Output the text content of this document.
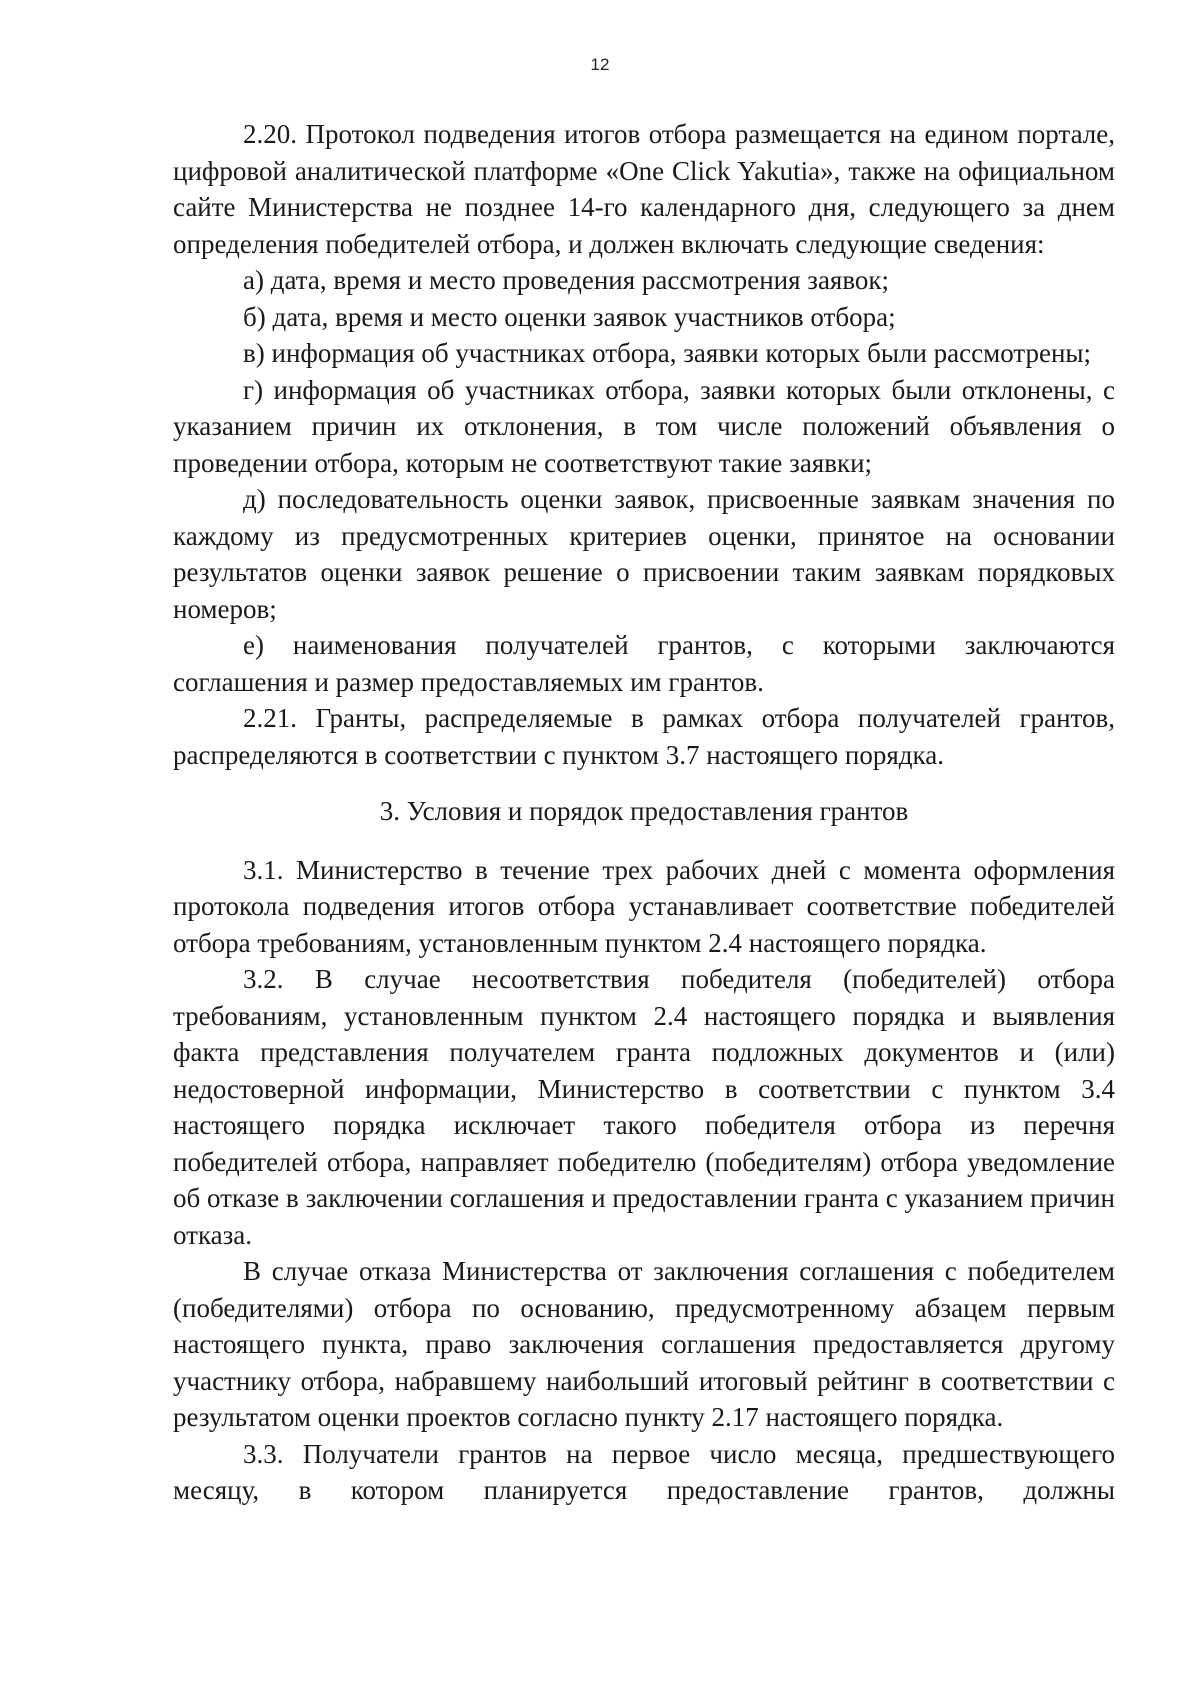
12

2.20. Протокол подведения итогов отбора размещается на едином портале, цифровой аналитической платформе «One Click Yakutia», также на официальном сайте Министерства не позднее 14-го календарного дня, следующего за днем определения победителей отбора, и должен включать следующие сведения:

а) дата, время и место проведения рассмотрения заявок;

б) дата, время и место оценки заявок участников отбора;

в) информация об участниках отбора, заявки которых были рассмотрены;

г) информация об участниках отбора, заявки которых были отклонены, с указанием причин их отклонения, в том числе положений объявления о проведении отбора, которым не соответствуют такие заявки;

д) последовательность оценки заявок, присвоенные заявкам значения по каждому из предусмотренных критериев оценки, принятое на основании результатов оценки заявок решение о присвоении таким заявкам порядковых номеров;

е) наименования получателей грантов, с которыми заключаются соглашения и размер предоставляемых им грантов.

2.21. Гранты, распределяемые в рамках отбора получателей грантов, распределяются в соответствии с пунктом 3.7 настоящего порядка.

3. Условия и порядок предоставления грантов

3.1. Министерство в течение трех рабочих дней с момента оформления протокола подведения итогов отбора устанавливает соответствие победителей отбора требованиям, установленным пунктом 2.4 настоящего порядка.

3.2. В случае несоответствия победителя (победителей) отбора требованиям, установленным пунктом 2.4 настоящего порядка и выявления факта представления получателем гранта подложных документов и (или) недостоверной информации, Министерство в соответствии с пунктом 3.4 настоящего порядка исключает такого победителя отбора из перечня победителей отбора, направляет победителю (победителям) отбора уведомление об отказе в заключении соглашения и предоставлении гранта с указанием причин отказа.

В случае отказа Министерства от заключения соглашения с победителем (победителями) отбора по основанию, предусмотренному абзацем первым настоящего пункта, право заключения соглашения предоставляется другому участнику отбора, набравшему наибольший итоговый рейтинг в соответствии с результатом оценки проектов согласно пункту 2.17 настоящего порядка.

3.3. Получатели грантов на первое число месяца, предшествующего месяцу, в котором планируется предоставление грантов, должны
